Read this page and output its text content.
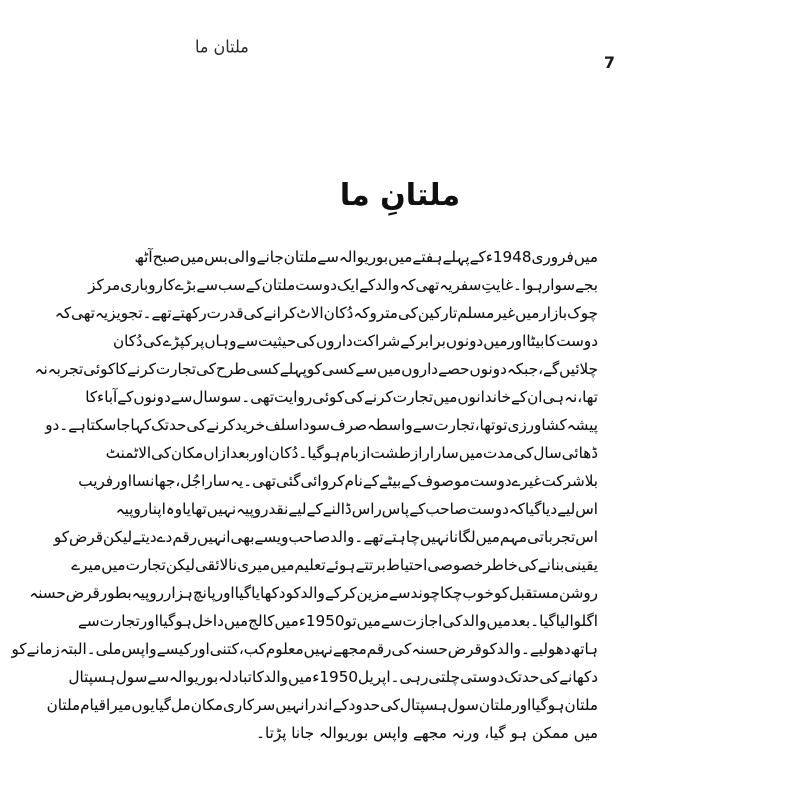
ملتان ما
7
ملتانِ ما
میں
فروری
1948ء
کے
پہلے
ہفتے
میں
بوریوالہ
سے
ملتان
جانے
والی
بس
میں
صبح
آٹھ
بجے
سوار
ہوا۔
غایتِ
سفر
یہ
تھی
کہ
والد
کے
ایک
دوست
ملتان
کے
سب
سے
بڑے
کاروباری
مرکز
چوک
بازار
میں
غیر
مسلم
تارکین
کی
متروکہ
دُکان
الاٹ
کرانے
کی
قدرت
رکھتے
تھے۔
تجویز
یہ
تھی
کہ
دوست
کا
بیٹا
اور
میں
دونوں
برابر
کے
شراکت
داروں
کی
حیثیت
سے
وہاں
پر
کپڑے
کی
دُکان
چلائیں
گے،
جبکہ
دونوں
حصے
داروں
میں
سے
کسی
کو
پہلے
کسی
طرح
کی
تجارت
کرنے
کا
کوئی
تجربہ
نہ
تھا،
نہ
ہی
ان
کے
خاندانوں
میں
تجارت
کرنے
کی
کوئی
روایت
تھی۔
سو
سال
سے
دونوں
کے
آباء
کا
پیشہ
کشاورزی
تو
تھا،
تجارت
سے
واسطہ
صرف
سودا
سلف
خرید
کرنے
کی
حد
تک
کہا
جاسکتا
ہے۔
دو
ڈھائی
سال
کی
مدت
میں
سارا
راز
طشت
از
بام
ہو
گیا۔
دُکان
اور
بعدازاں
مکان
کی
الاٹمنٹ
بلا
شرکت
غیرے
دوست
موصوف
کے
بیٹے
کے
نام
کروائی
گئی
تھی۔
یہ
سارا
جُل،
جھانسا
اور
فریب
اس
لیے
دیا
گیا
کہ
دوست
صاحب
کے
پاس
راس
ڈالنے
کے
لیے
نقد
روپیہ
نہیں
تھا
یا
وہ
اپنا
روپیہ
اس
تجرباتی
مہم
میں
لگانا
نہیں
چاہتے
تھے۔
والد
صاحب
ویسے
بھی
انہیں
رقم
دے
دیتے
لیکن
قرض
کو
یقینی
بنانے
کی
خاطر
خصوصی
احتیاط
برتتے
ہوئے
تعلیم
میں
میری
نالائقی
لیکن
تجارت
میں
میرے
روشن
مستقبل
کو
خوب
چکا
چوند
سے
مزین
کر
کے
والد
کو
دکھایا
گیا
اور
پانچ
ہزار
روپیہ
بطور
قرض
حسنہ
اگلوا
لیا
گیا۔
بعد
میں
والد
کی
اجازت
سے
میں
تو
1950ء
میں
کالج
میں
داخل
ہو
گیا
اور
تجارت
سے
ہاتھ
دھو
لیے۔
والد
کو
قرض
حسنہ
کی
رقم
مجھے
نہیں
معلوم
کب،
کتنی
اور
کیسے
واپس
ملی۔
البتہ
زمانے
کو
دکھانے
کی
حد
تک
دوستی
چلتی
رہی۔
اپریل
1950ء
میں
والد
کا
تبادلہ
بوریوالہ
سے
سول
ہسپتال
ملتان
ہو
گیا
اور
ملتان
سول
ہسپتال
کی
حدود
کے
اندر
انہیں
سرکاری
مکان
مل
گیا
یوں
میرا
قیام
ملتان
میں ممکن ہو گیا، ورنہ مجھے واپس بوریوالہ جانا پڑتا۔
